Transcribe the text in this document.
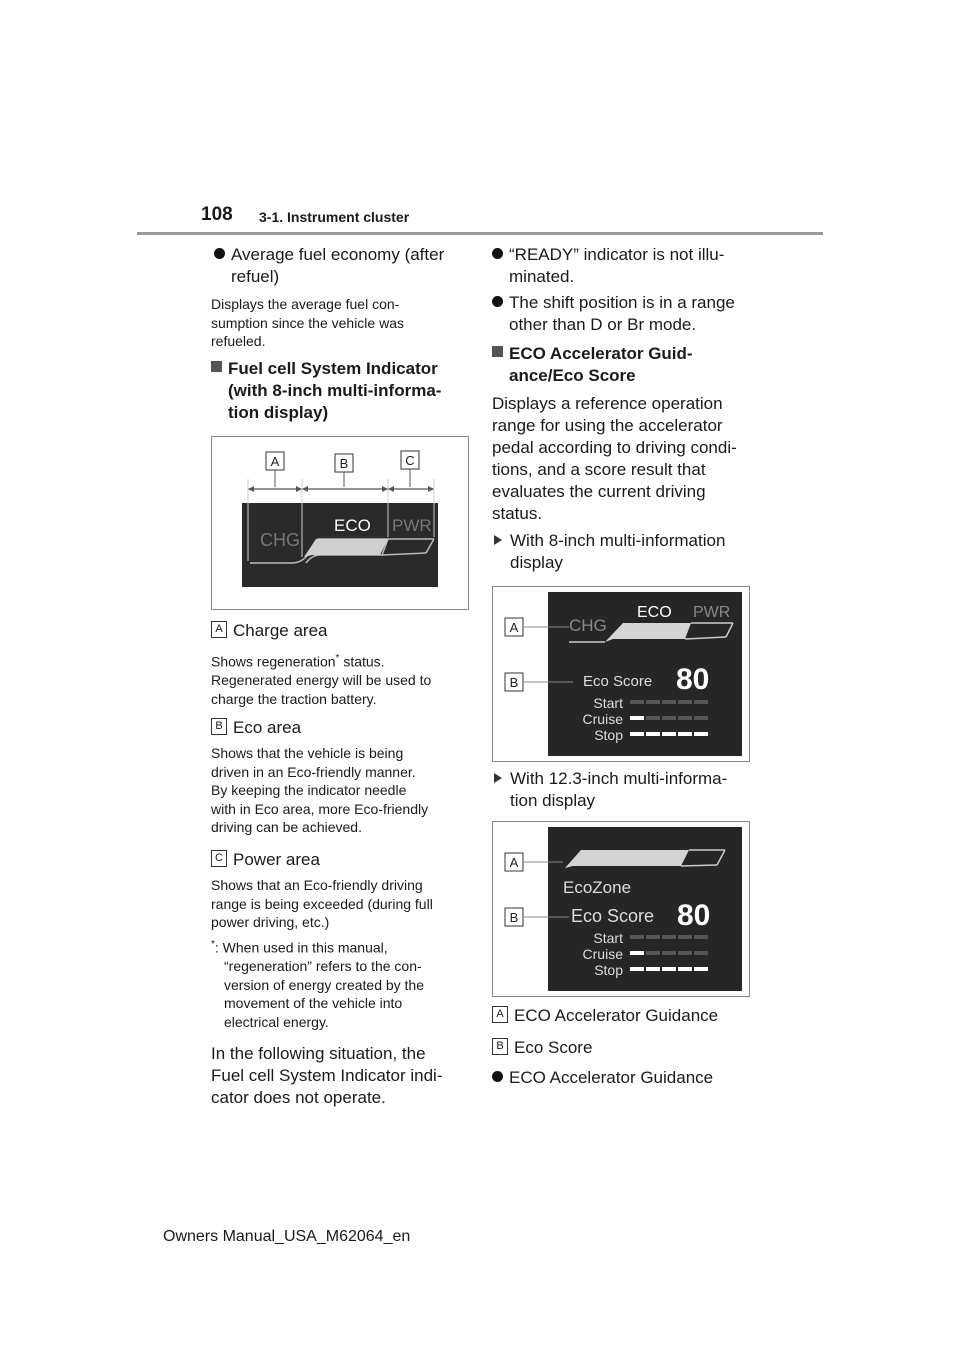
108 3-1. Instrument cluster
Average fuel economy (after
refuel)
Displays the average fuel con-
sumption since the vehicle was
refueled.
Fuel cell System Indicator
(with 8-inch multi-informa-
tion display)
A	B	C
CHG
ECO PWR
A Charge area
Shows regeneration* status.
Regenerated energy will be used to
charge the traction battery.
B Eco area
Shows that the vehicle is being
driven in an Eco-friendly manner.
By keeping the indicator needle
with in Eco area, more Eco-friendly
driving can be achieved.
C Power area
Shows that an Eco-friendly driving
range is being exceeded (during full
power driving, etc.)
*: When used in this manual,
“regeneration” refers to the con-
version of energy created by the
movement of the vehicle into
electrical energy.
In the following situation, the
Fuel cell System Indicator indi-
cator does not operate.
“READY” indicator is not illu-
minated.
The shift position is in a range
other than D or Br mode.
ECO Accelerator Guid-
ance/Eco Score
Displays a reference operation
range for using the accelerator
pedal according to driving condi-
tions, and a score result that
evaluates the current driving
status.
With 8-inch multi-information
display
A
B
CHG
ECO PWR
Eco Score 80
Start
Cruise
Stop
With 12.3-inch multi-informa-
tion display
A
B
EcoZone
Eco Score 80
Start
Cruise
Stop
A ECO Accelerator Guidance
B Eco Score
ECO Accelerator Guidance
Owners Manual_USA_M62064_en
